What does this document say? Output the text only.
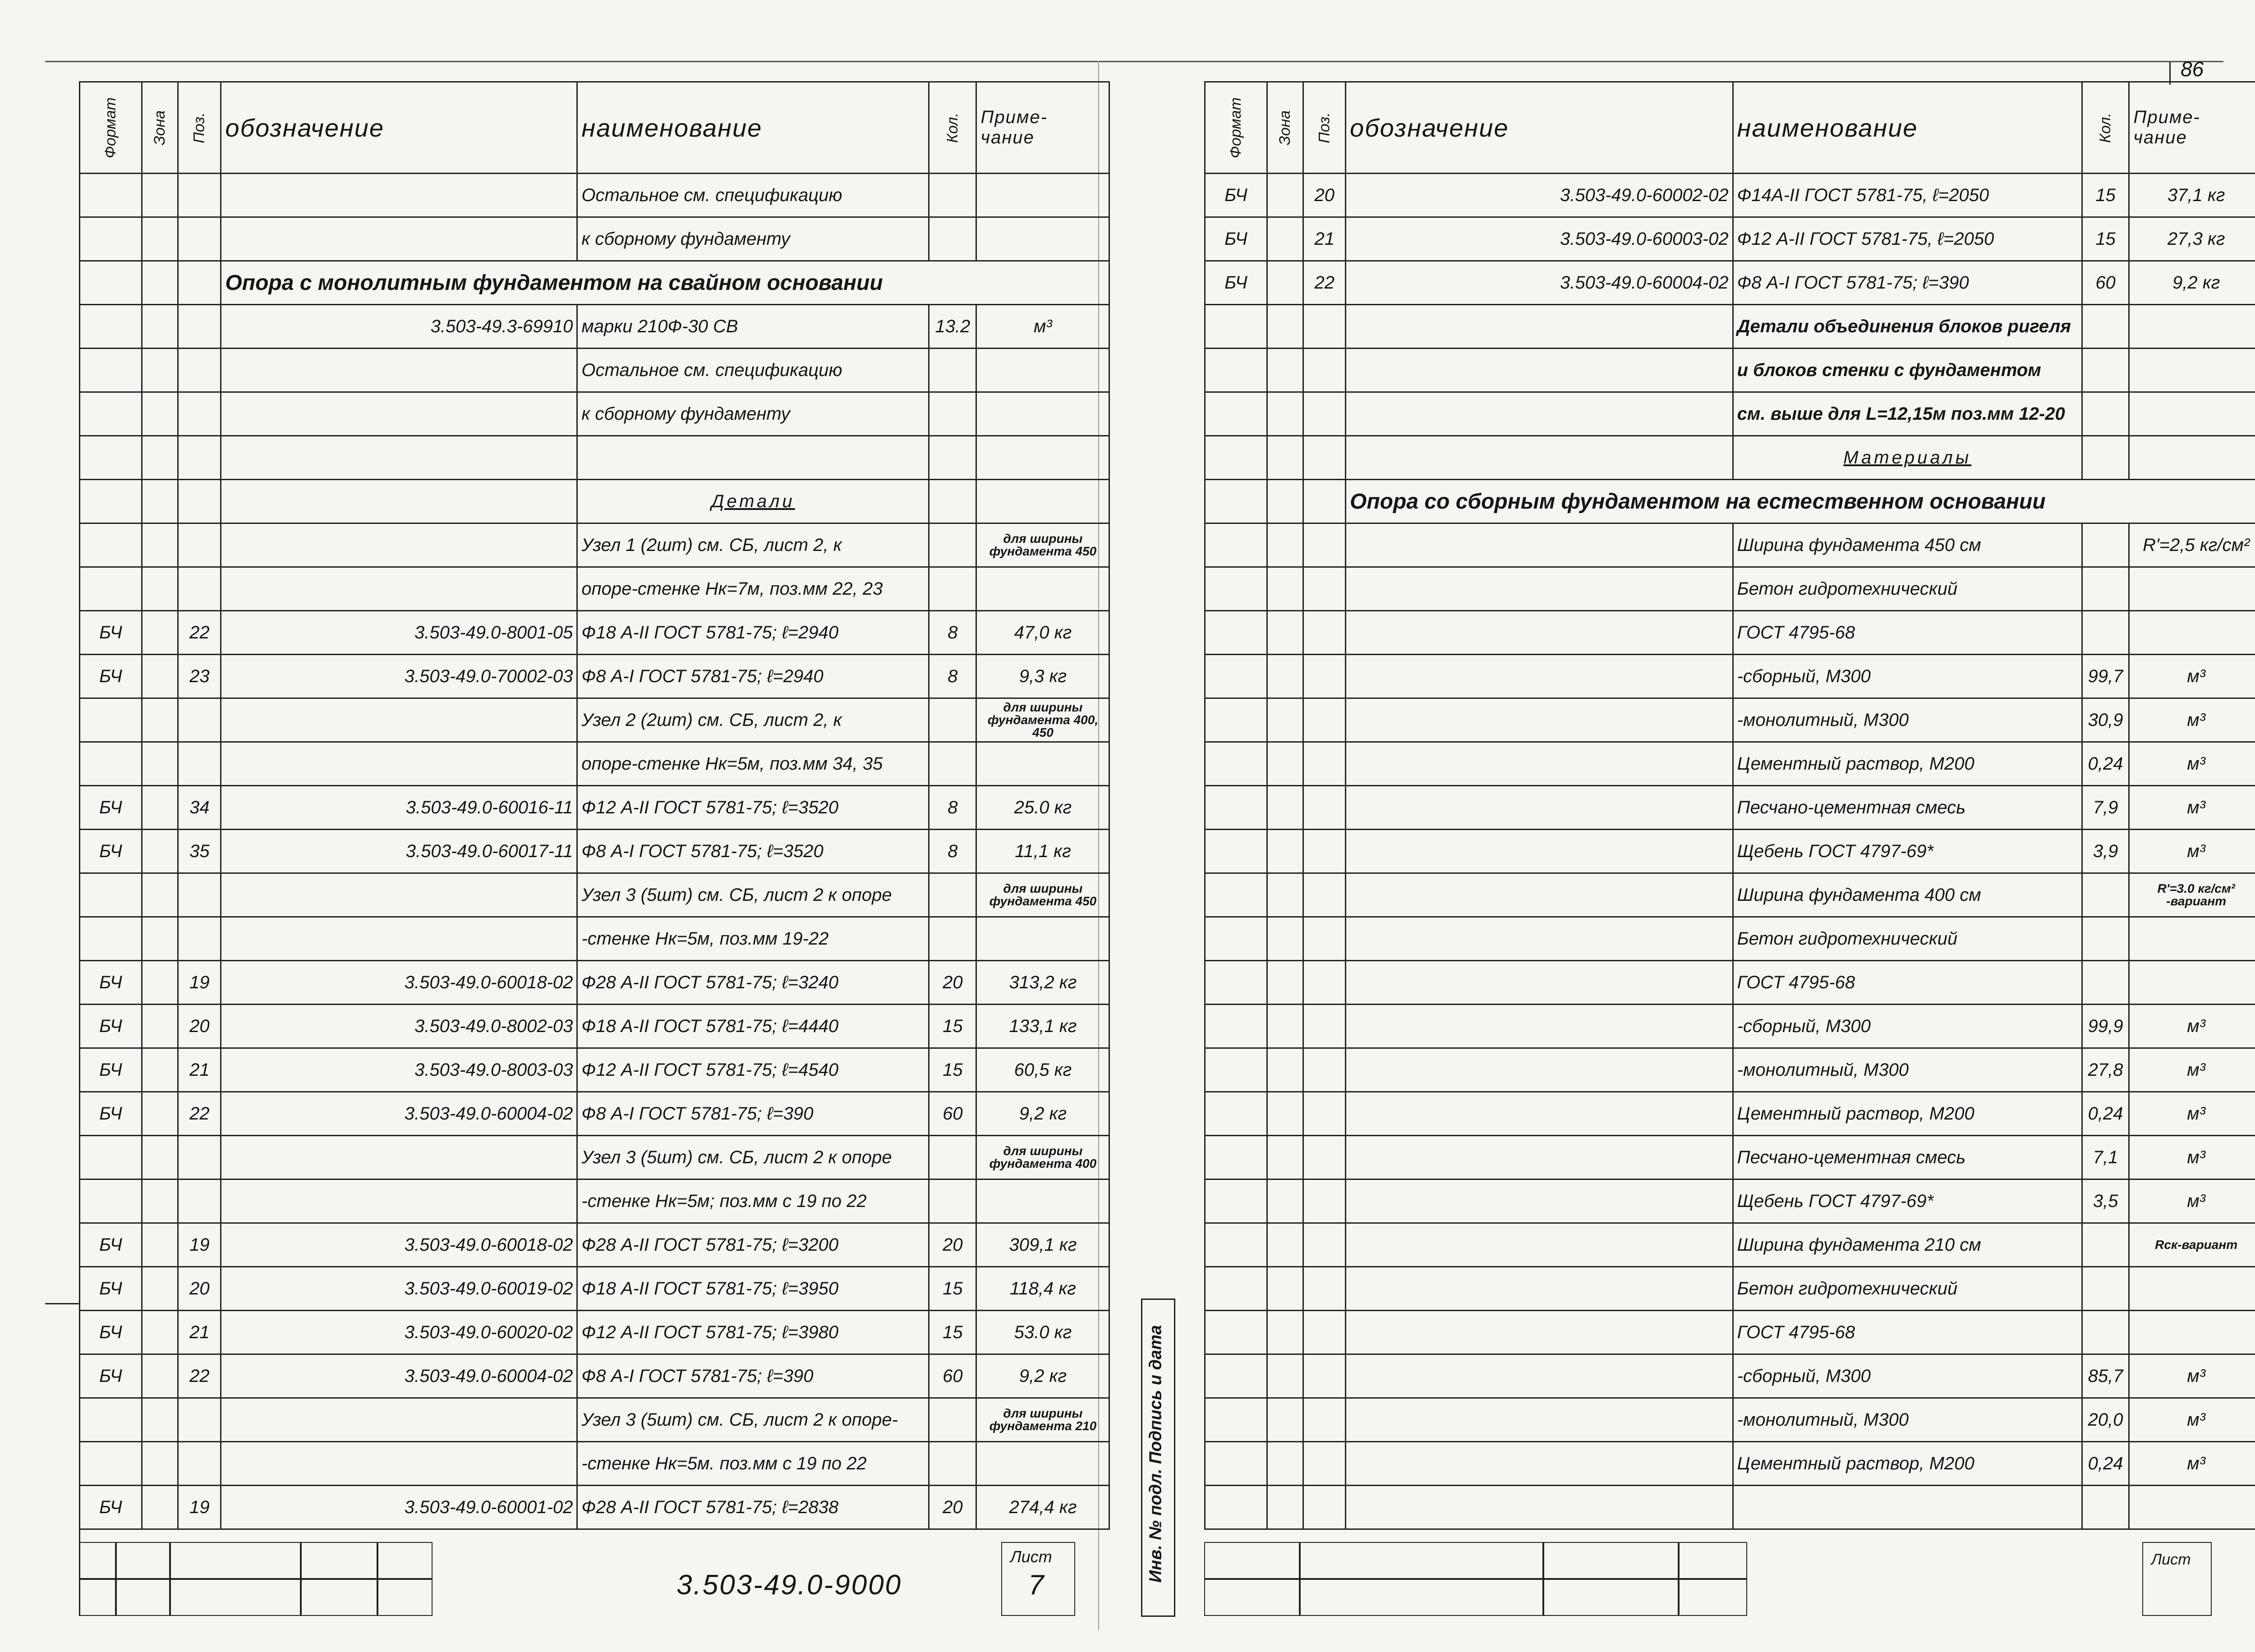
86
Формат	Зона	Поз.	обозначение	наименование	Кол.	Приме- чание
				Остальное см. спецификацию		

				к сборному фундаменту		

			Опора с монолитным фундаментом на свайном основании			
			3.503-49.3-69910	марки 210Ф-30 СВ	13.2	м³

				Остальное см. спецификацию		

				к сборному фундаменту		

				Детали		

				Узел 1 (2шт) см. СБ, лист 2, к		для ширины фундамента 450

				опоре-стенке Hк=7м, поз.мм 22, 23		

БЧ		22	3.503-49.0-8001-05	Ф18 А-II ГОСТ 5781-75; ℓ=2940	8	47,0 кг

БЧ		23	3.503-49.0-70002-03	Ф8 А-I ГОСТ 5781-75; ℓ=2940	8	9,3 кг

				Узел 2 (2шт) см. СБ, лист 2, к		для ширины фундамента 400, 450

				опоре-стенке Hк=5м, поз.мм 34, 35		

БЧ		34	3.503-49.0-60016-11	Ф12 А-II ГОСТ 5781-75; ℓ=3520	8	25.0 кг

БЧ		35	3.503-49.0-60017-11	Ф8 А-I ГОСТ 5781-75; ℓ=3520	8	11,1 кг

				Узел 3 (5шт) см. СБ, лист 2 к опоре		для ширины фундамента 450

				-стенке Hк=5м, поз.мм 19-22		

БЧ		19	3.503-49.0-60018-02	Ф28 А-II ГОСТ 5781-75; ℓ=3240	20	313,2 кг

БЧ		20	3.503-49.0-8002-03	Ф18 А-II ГОСТ 5781-75; ℓ=4440	15	133,1 кг

БЧ		21	3.503-49.0-8003-03	Ф12 А-II ГОСТ 5781-75; ℓ=4540	15	60,5 кг

БЧ		22	3.503-49.0-60004-02	Ф8 А-I ГОСТ 5781-75; ℓ=390	60	9,2 кг

				Узел 3 (5шт) см. СБ, лист 2 к опоре		для ширины фундамента 400

				-стенке Hк=5м; поз.мм с 19 по 22		

БЧ		19	3.503-49.0-60018-02	Ф28 А-II ГОСТ 5781-75; ℓ=3200	20	309,1 кг

БЧ		20	3.503-49.0-60019-02	Ф18 А-II ГОСТ 5781-75; ℓ=3950	15	118,4 кг

БЧ		21	3.503-49.0-60020-02	Ф12 А-II ГОСТ 5781-75; ℓ=3980	15	53.0 кг

БЧ		22	3.503-49.0-60004-02	Ф8 А-I ГОСТ 5781-75; ℓ=390	60	9,2 кг

				Узел 3 (5шт) см. СБ, лист 2 к опоре-		для ширины фундамента 210

				-стенке Hк=5м. поз.мм с 19 по 22		

БЧ		19	3.503-49.0-60001-02	Ф28 А-II ГОСТ 5781-75; ℓ=2838	20	274,4 кг
Формат	Зона	Поз.	обозначение	наименование	Кол.	Приме- чание
БЧ		20	3.503-49.0-60002-02	Ф14А-II ГОСТ 5781-75, ℓ=2050	15	37,1 кг

БЧ		21	3.503-49.0-60003-02	Ф12 А-II ГОСТ 5781-75, ℓ=2050	15	27,3 кг

БЧ		22	3.503-49.0-60004-02	Ф8 А-I ГОСТ 5781-75; ℓ=390	60	9,2 кг

				Детали объединения блоков ригеля		

				и блоков стенки с фундаментом		

				см. выше для L=12,15м поз.мм 12-20		

				Материалы		

			Опора со сборным фундаментом на естественном основании			
				Ширина фундамента 450 см		R'=2,5 кг/см²

				Бетон гидротехнический		

				ГОСТ 4795-68		

				-сборный, М300	99,7	м³

				-монолитный, М300	30,9	м³

				Цементный раствор, М200	0,24	м³

				Песчано-цементная смесь	7,9	м³

				Щебень ГОСТ 4797-69*	3,9	м³

				Ширина фундамента 400 см		R'=3.0 кг/см² -вариант

				Бетон гидротехнический		

				ГОСТ 4795-68		

				-сборный, М300	99,9	м³

				-монолитный, М300	27,8	м³

				Цементный раствор, М200	0,24	м³

				Песчано-цементная смесь	7,1	м³

				Щебень ГОСТ 4797-69*	3,5	м³

				Ширина фундамента 210 см		Rск-вариант

				Бетон гидротехнический		

				ГОСТ 4795-68		

				-сборный, М300	85,7	м³

				-монолитный, М300	20,0	м³

				Цементный раствор, М200	0,24	м³

3.503-49.0-9000
Лист
7
Инв. № подл. Подпись и дата	Лист
